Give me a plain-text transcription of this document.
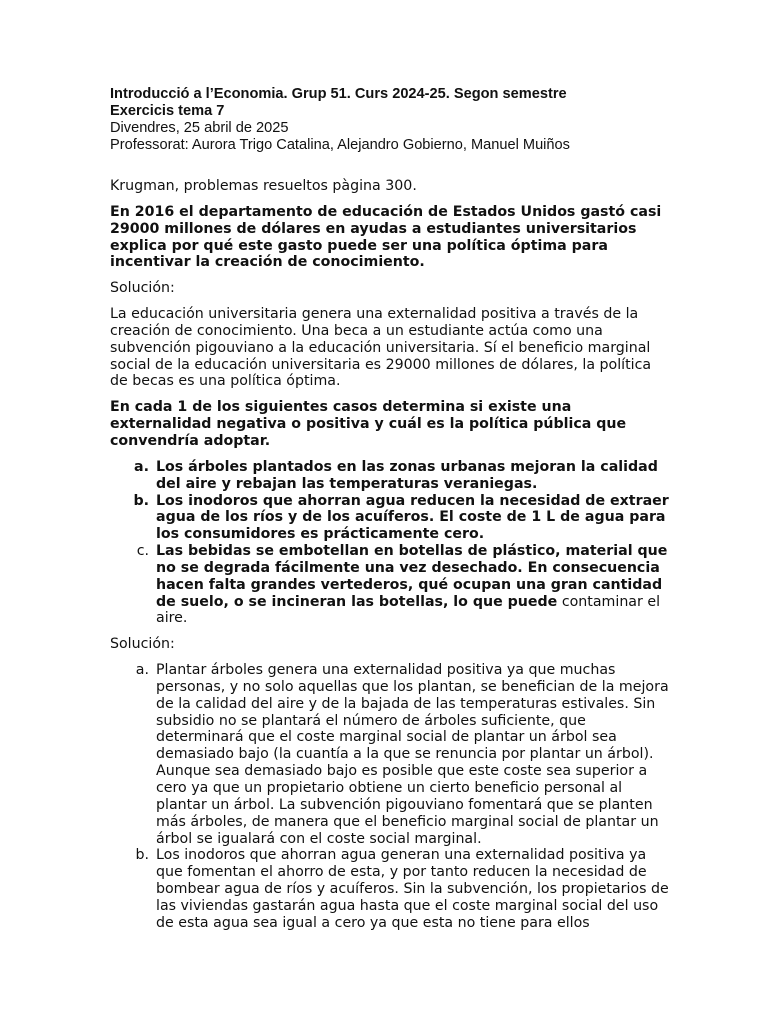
Introducció a l’Economia. Grup 51. Curs 2024-25. Segon semestre
Exercicis tema 7
Divendres, 25 abril de 2025
Professorat: Aurora Trigo Catalina, Alejandro Gobierno, Manuel Muiños

Krugman, problemas resueltos pàgina 300.

En 2016 el departamento de educación de Estados Unidos gastó casi 29000 millones de dólares en ayudas a estudiantes universitarios explica por qué este gasto puede ser una política óptima para incentivar la creación de conocimiento.

Solución:

La educación universitaria genera una externalidad positiva a través de la creación de conocimiento. Una beca a un estudiante actúa como una subvención pigouviano a la educación universitaria. Sí el beneficio marginal social de la educación universitaria es 29000 millones de dólares, la política de becas es una política óptima.

En cada 1 de los siguientes casos determina si existe una externalidad negativa o positiva y cuál es la política pública que convendría adoptar.

a. Los árboles plantados en las zonas urbanas mejoran la calidad del aire y rebajan las temperaturas veraniegas.
b. Los inodoros que ahorran agua reducen la necesidad de extraer agua de los ríos y de los acuíferos. El coste de 1 L de agua para los consumidores es prácticamente cero.
c. Las bebidas se embotellan en botellas de plástico, material que no se degrada fácilmente una vez desechado. En consecuencia hacen falta grandes vertederos, qué ocupan una gran cantidad de suelo, o se incineran las botellas, lo que puede contaminar el aire.

Solución:

a. Plantar árboles genera una externalidad positiva ya que muchas personas, y no solo aquellas que los plantan, se benefician de la mejora de la calidad del aire y de la bajada de las temperaturas estivales. Sin subsidio no se plantará el número de árboles suficiente, que determinará que el coste marginal social de plantar un árbol sea demasiado bajo (la cuantía a la que se renuncia por plantar un árbol). Aunque sea demasiado bajo es posible que este coste sea superior a cero ya que un propietario obtiene un cierto beneficio personal al plantar un árbol. La subvención pigouviano fomentará que se planten más árboles, de manera que el beneficio marginal social de plantar un árbol se igualará con el coste social marginal.
b. Los inodoros que ahorran agua generan una externalidad positiva ya que fomentan el ahorro de esta, y por tanto reducen la necesidad de bombear agua de ríos y acuíferos. Sin la subvención, los propietarios de las viviendas gastarán agua hasta que el coste marginal social del uso de esta agua sea igual a cero ya que esta no tiene para ellos
